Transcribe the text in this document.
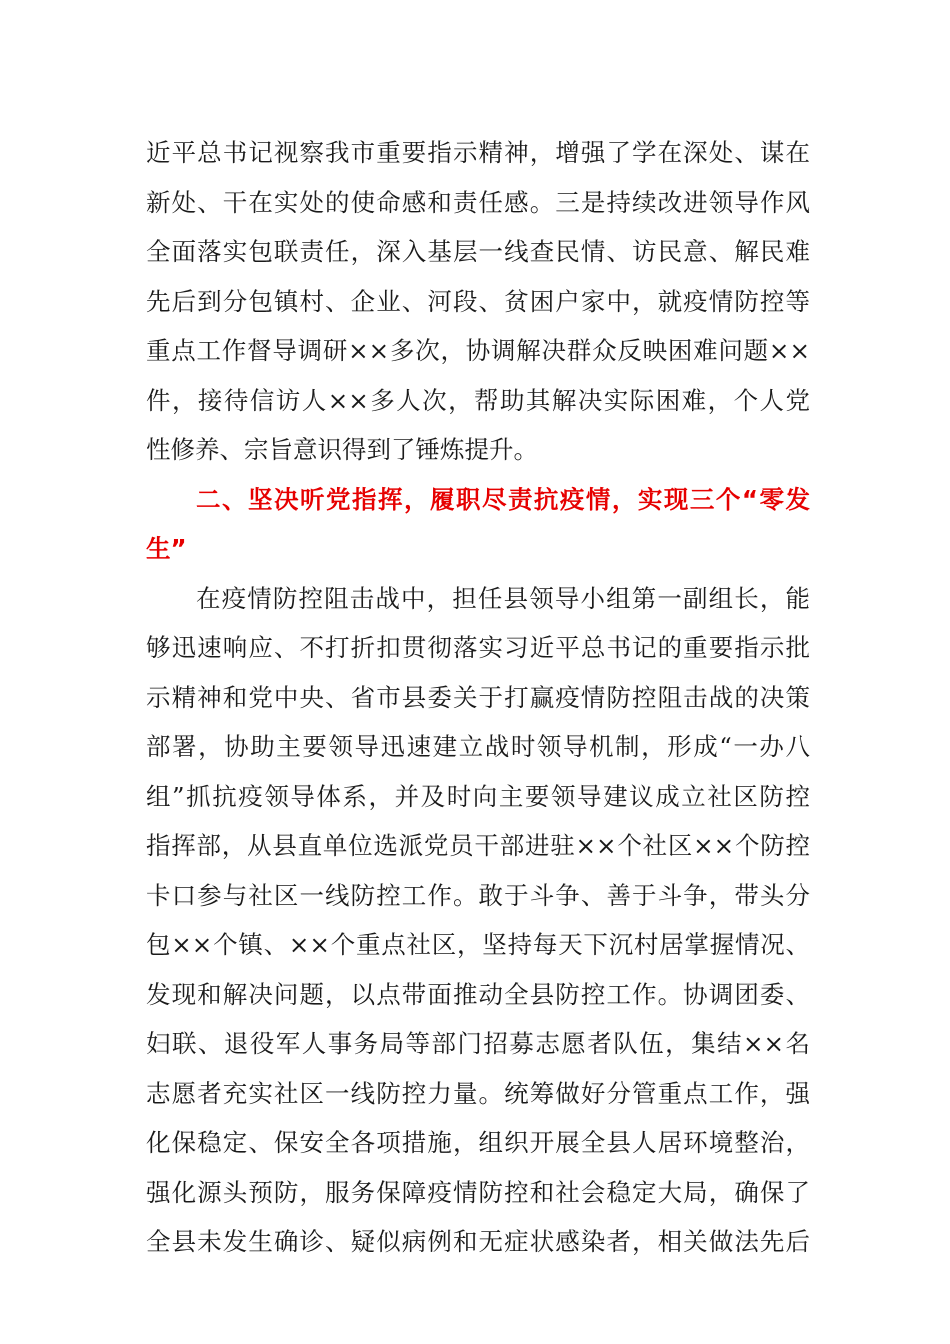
近平总书记视察我市重要指示精神，增强了学在深处、谋在
新处、干在实处的使命感和责任感。三是持续改进领导作风
全面落实包联责任，深入基层一线查民情、访民意、解民难
先后到分包镇村、企业、河段、贫困户家中，就疫情防控等
重点工作督导调研××多次，协调解决群众反映困难问题××
件，接待信访人××多人次，帮助其解决实际困难，个人党
性修养、宗旨意识得到了锤炼提升。
二、坚决听党指挥，履职尽责抗疫情，实现三个“零发
生”
在疫情防控阻击战中，担任县领导小组第一副组长，能
够迅速响应、不打折扣贯彻落实习近平总书记的重要指示批
示精神和党中央、省市县委关于打赢疫情防控阻击战的决策
部署，协助主要领导迅速建立战时领导机制，形成“一办八
组”抓抗疫领导体系，并及时向主要领导建议成立社区防控
指挥部，从县直单位选派党员干部进驻××个社区××个防控
卡口参与社区一线防控工作。敢于斗争、善于斗争，带头分
包××个镇、××个重点社区，坚持每天下沉村居掌握情况、
发现和解决问题，以点带面推动全县防控工作。协调团委、
妇联、退役军人事务局等部门招募志愿者队伍，集结××名
志愿者充实社区一线防控力量。统筹做好分管重点工作，强
化保稳定、保安全各项措施，组织开展全县人居环境整治，
强化源头预防，服务保障疫情防控和社会稳定大局，确保了
全县未发生确诊、疑似病例和无症状感染者，相关做法先后
